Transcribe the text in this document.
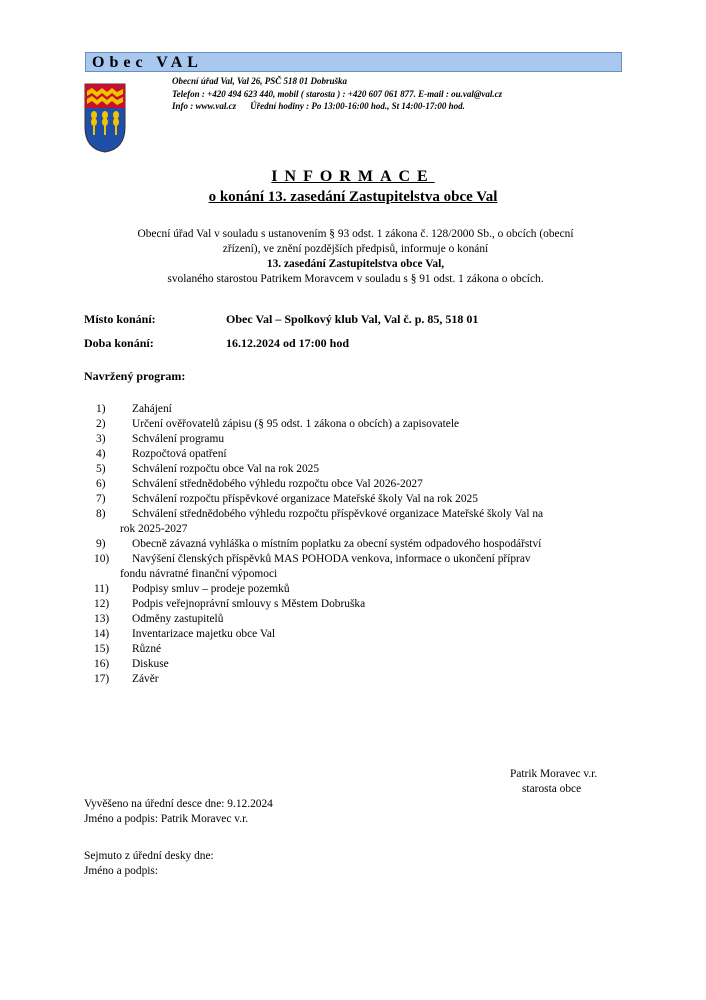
Obec VAL
Obecní úřad Val, Val 26, PSČ 518 01 Dobruška
Telefon : +420 494 623 440, mobil ( starosta ) : +420 607 061 877. E-mail : ou.val@val.cz
Info : www.val.cz Úřední hodiny : Po 13:00-16:00 hod., St 14:00-17:00 hod.
INFORMACE
o konání 13. zasedání Zastupitelstva obce Val
Obecní úřad Val v souladu s ustanovením § 93 odst. 1 zákona č. 128/2000 Sb., o obcích (obecní
zřízení), ve znění pozdějších předpisů, informuje o konání
13. zasedání Zastupitelstva obce Val,
svolaného starostou Patrikem Moravcem v souladu s § 91 odst. 1 zákona o obcích.
Místo konání:	Obec Val – Spolkový klub Val, Val č. p. 85, 518 01
Doba konání:	16.12.2024 od 17:00 hod
Navržený program:
1)	Zahájení
2)	Určení ověřovatelů zápisu (§ 95 odst. 1 zákona o obcích) a zapisovatele
3)	Schválení programu
4)	Rozpočtová opatření
5)	Schválení rozpočtu obce Val na rok 2025
6)	Schválení střednědobého výhledu rozpočtu obce Val 2026-2027
7)	Schválení rozpočtu příspěvkové organizace Mateřské školy Val na rok 2025
8)	Schválení střednědobého výhledu rozpočtu příspěvkové organizace Mateřské školy Val na
rok 2025-2027
9)	Obecně závazná vyhláška o místním poplatku za obecní systém odpadového hospodářství
10)	Navýšení členských příspěvků MAS POHODA venkova, informace o ukončení příprav
fondu návratné finanční výpomoci
11)	Podpisy smluv – prodeje pozemků
12)	Podpis veřejnoprávní smlouvy s Městem Dobruška
13)	Odměny zastupitelů
14)	Inventarizace majetku obce Val
15)	Různé
16)	Diskuse
17)	Závěr
Patrik Moravec v.r.
starosta obce
Vyvěšeno na úřední desce dne: 9.12.2024
Jméno a podpis: Patrik Moravec v.r.
Sejmuto z úřední desky dne:
Jméno a podpis:
